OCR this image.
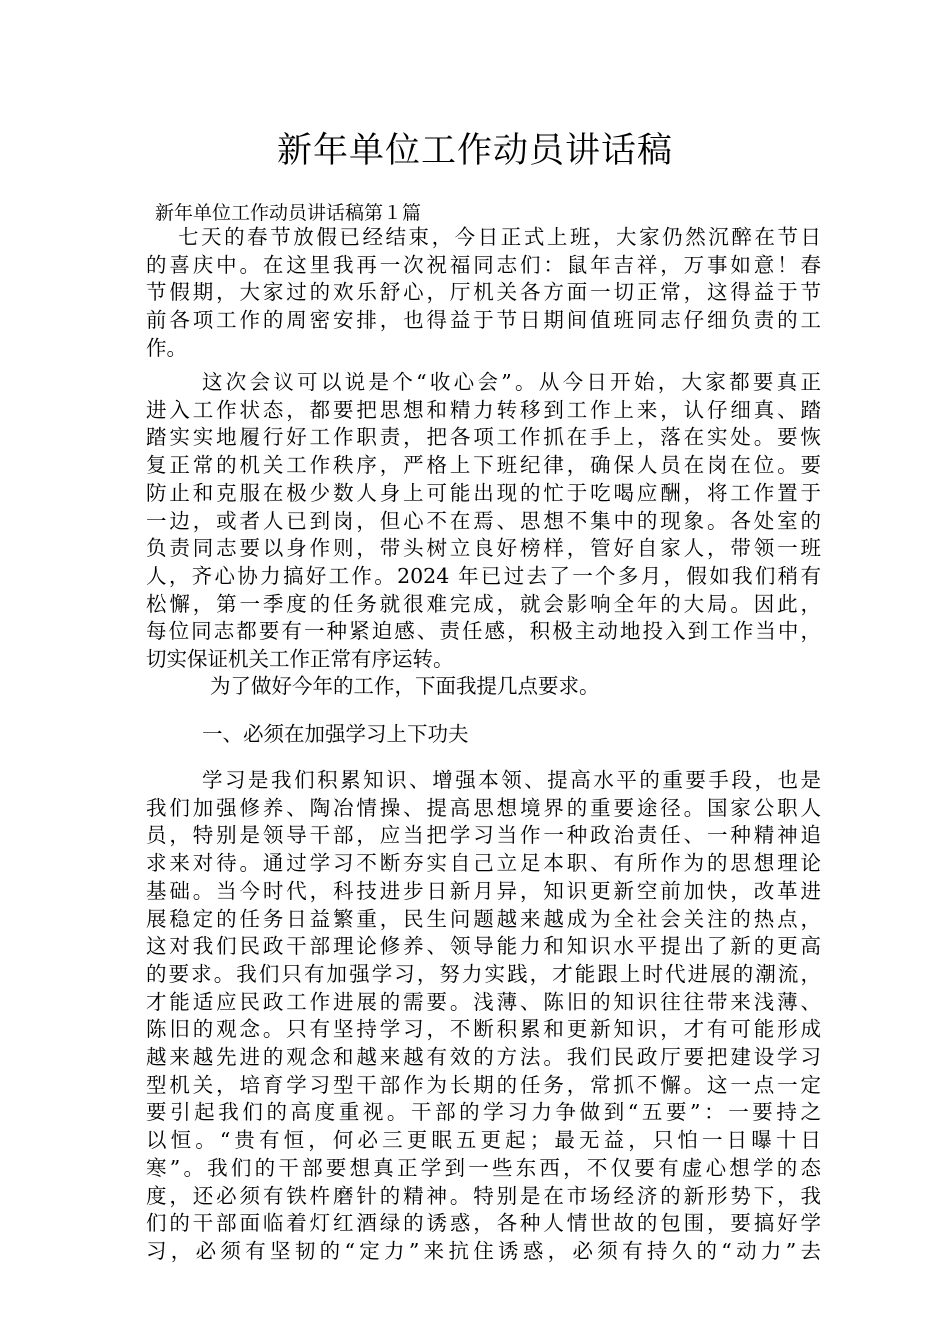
新年单位工作动员讲话稿
新年单位工作动员讲话稿第１篇
七天的春节放假已经结束，今日正式上班，大家仍然沉醉在节日
的喜庆中。在这里我再一次祝福同志们：鼠年吉祥，万事如意！春
节假期，大家过的欢乐舒心，厅机关各方面一切正常，这得益于节
前各项工作的周密安排，也得益于节日期间值班同志仔细负责的工
作。
这次会议可以说是个“收心会”。从今日开始，大家都要真正
进入工作状态，都要把思想和精力转移到工作上来，认仔细真、踏
踏实实地履行好工作职责，把各项工作抓在手上，落在实处。要恢
复正常的机关工作秩序，严格上下班纪律，确保人员在岗在位。要
防止和克服在极少数人身上可能出现的忙于吃喝应酬，将工作置于
一边，或者人已到岗，但心不在焉、思想不集中的现象。各处室的
负责同志要以身作则，带头树立良好榜样，管好自家人，带领一班
人，齐心协力搞好工作。2024 年已过去了一个多月，假如我们稍有
松懈，第一季度的任务就很难完成，就会影响全年的大局。因此，
每位同志都要有一种紧迫感、责任感，积极主动地投入到工作当中，
切实保证机关工作正常有序运转。
为了做好今年的工作，下面我提几点要求。
一、必须在加强学习上下功夫
学习是我们积累知识、增强本领、提高水平的重要手段，也是
我们加强修养、陶冶情操、提高思想境界的重要途径。国家公职人
员，特别是领导干部，应当把学习当作一种政治责任、一种精神追
求来对待。通过学习不断夯实自己立足本职、有所作为的思想理论
基础。当今时代，科技进步日新月异，知识更新空前加快，改革进
展稳定的任务日益繁重，民生问题越来越成为全社会关注的热点，
这对我们民政干部理论修养、领导能力和知识水平提出了新的更高
的要求。我们只有加强学习，努力实践，才能跟上时代进展的潮流，
才能适应民政工作进展的需要。浅薄、陈旧的知识往往带来浅薄、
陈旧的观念。只有坚持学习，不断积累和更新知识，才有可能形成
越来越先进的观念和越来越有效的方法。我们民政厅要把建设学习
型机关，培育学习型干部作为长期的任务，常抓不懈。这一点一定
要引起我们的高度重视。干部的学习力争做到“五要”：一要持之
以恒。“贵有恒，何必三更眠五更起；最无益，只怕一日曝十日
寒”。我们的干部要想真正学到一些东西，不仅要有虚心想学的态
度，还必须有铁杵磨针的精神。特别是在市场经济的新形势下，我
们的干部面临着灯红酒绿的诱惑，各种人情世故的包围，要搞好学
习，必须有坚韧的“定力”来抗住诱惑，必须有持久的“动力”去
